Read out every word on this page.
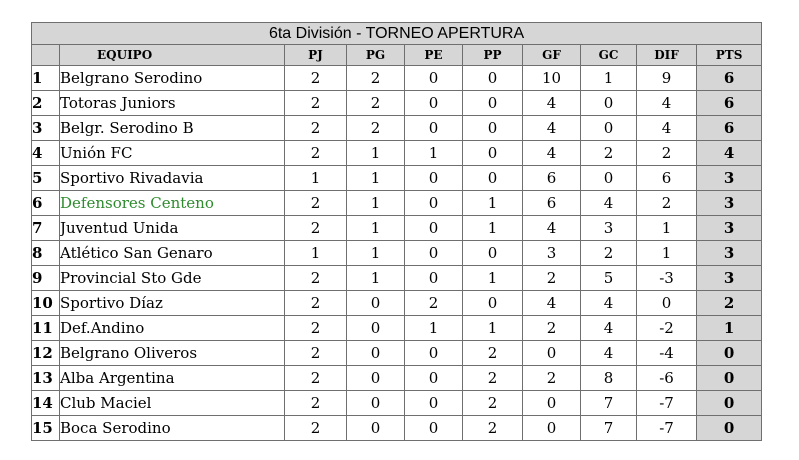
6ta División - TORNEO APERTURA									
	EQUIPO	PJ	PG	PE	PP	GF	GC	DIF	PTS
1	Belgrano Serodino	2	2	0	0	10	1	9	6
2	Totoras Juniors	2	2	0	0	4	0	4	6
3	Belgr. Serodino B	2	2	0	0	4	0	4	6
4	Unión FC	2	1	1	0	4	2	2	4
5	Sportivo Rivadavia	1	1	0	0	6	0	6	3
6	Defensores Centeno	2	1	0	1	6	4	2	3
7	Juventud Unida	2	1	0	1	4	3	1	3
8	Atlético San Genaro	1	1	0	0	3	2	1	3
9	Provincial Sto Gde	2	1	0	1	2	5	-3	3
10	Sportivo Díaz	2	0	2	0	4	4	0	2
11	Def.Andino	2	0	1	1	2	4	-2	1
12	Belgrano Oliveros	2	0	0	2	0	4	-4	0
13	Alba Argentina	2	0	0	2	2	8	-6	0
14	Club Maciel	2	0	0	2	0	7	-7	0
15	Boca Serodino	2	0	0	2	0	7	-7	0
